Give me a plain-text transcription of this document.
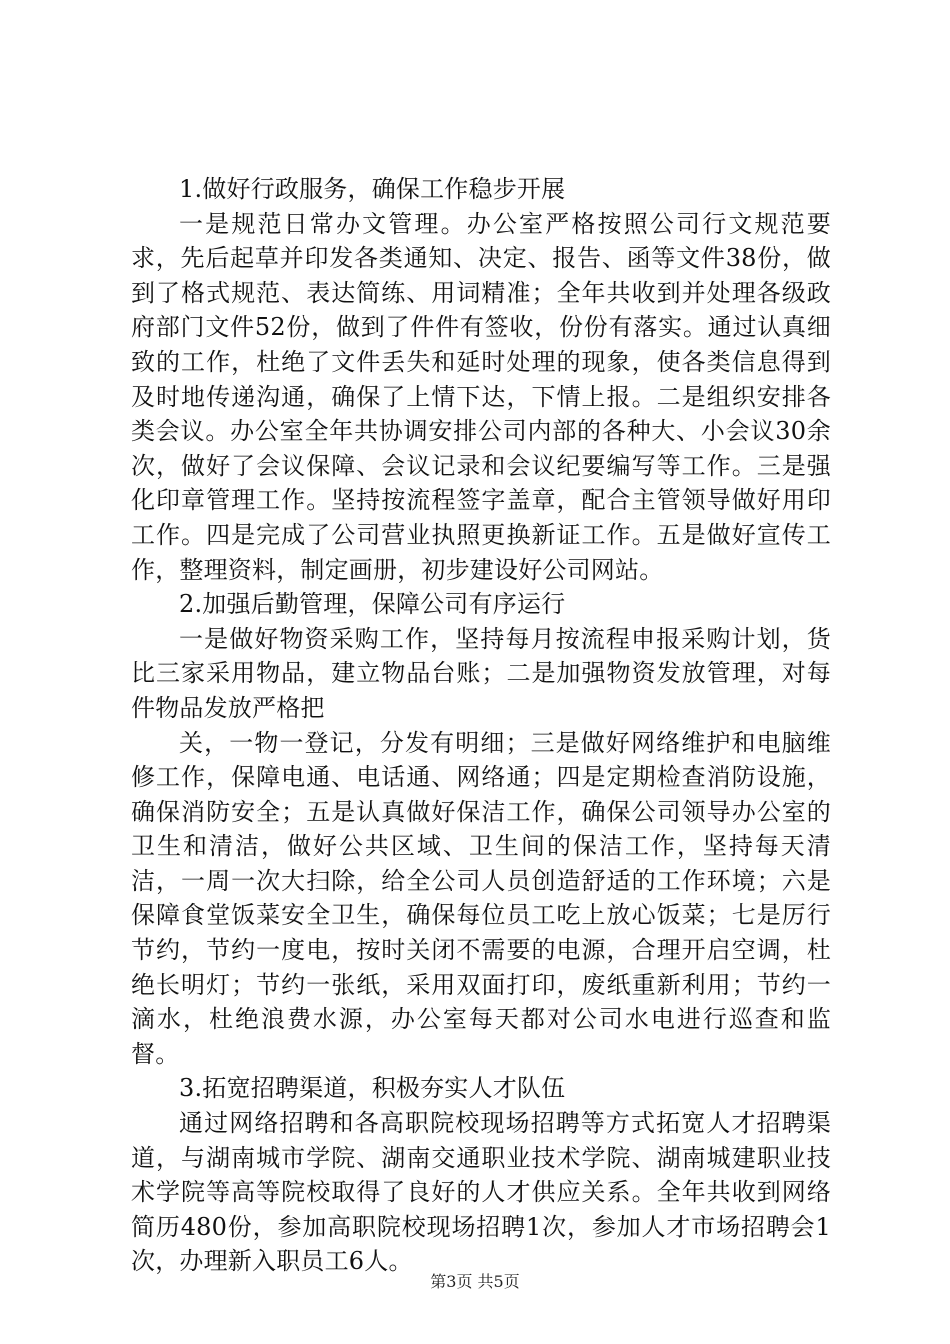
1.做好行政服务，确保工作稳步开展

一是规范日常办文管理。办公室严格按照公司行文规范要求，先后起草并印发各类通知、决定、报告、函等文件38份，做到了格式规范、表达简练、用词精准；全年共收到并处理各级政府部门文件52份，做到了件件有签收，份份有落实。通过认真细致的工作，杜绝了文件丢失和延时处理的现象，使各类信息得到及时地传递沟通，确保了上情下达，下情上报。二是组织安排各类会议。办公室全年共协调安排公司内部的各种大、小会议30余次，做好了会议保障、会议记录和会议纪要编写等工作。三是强化印章管理工作。坚持按流程签字盖章，配合主管领导做好用印工作。四是完成了公司营业执照更换新证工作。五是做好宣传工作，整理资料，制定画册，初步建设好公司网站。

2.加强后勤管理，保障公司有序运行

一是做好物资采购工作，坚持每月按流程申报采购计划，货比三家采用物品，建立物品台账；二是加强物资发放管理，对每件物品发放严格把

关，一物一登记，分发有明细；三是做好网络维护和电脑维修工作，保障电通、电话通、网络通；四是定期检查消防设施，确保消防安全；五是认真做好保洁工作，确保公司领导办公室的卫生和清洁，做好公共区域、卫生间的保洁工作，坚持每天清洁，一周一次大扫除，给全公司人员创造舒适的工作环境；六是保障食堂饭菜安全卫生，确保每位员工吃上放心饭菜；七是厉行节约，节约一度电，按时关闭不需要的电源，合理开启空调，杜绝长明灯；节约一张纸，采用双面打印，废纸重新利用；节约一滴水，杜绝浪费水源，办公室每天都对公司水电进行巡查和监督。

3.拓宽招聘渠道，积极夯实人才队伍

通过网络招聘和各高职院校现场招聘等方式拓宽人才招聘渠道，与湖南城市学院、湖南交通职业技术学院、湖南城建职业技术学院等高等院校取得了良好的人才供应关系。全年共收到网络简历480份，参加高职院校现场招聘1次，参加人才市场招聘会1次，办理新入职员工6人。

第3页 共5页
